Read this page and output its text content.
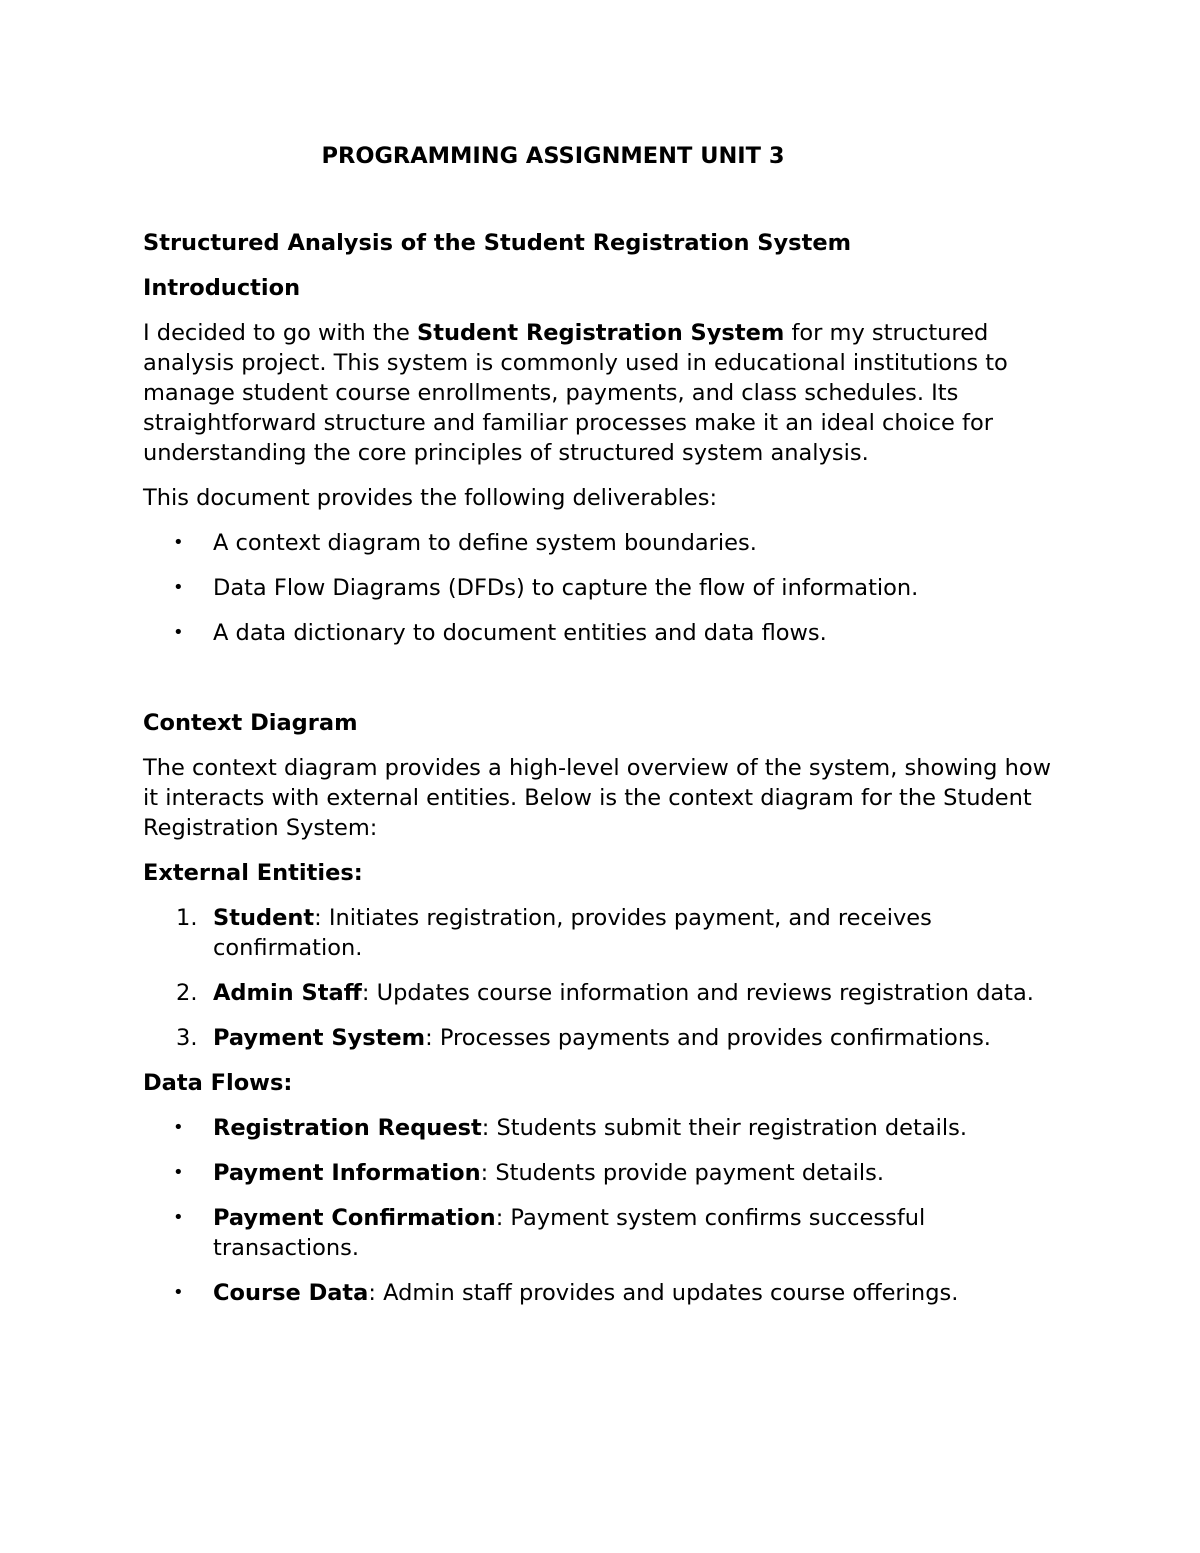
PROGRAMMING ASSIGNMENT UNIT 3
Structured Analysis of the Student Registration System
Introduction

I decided to go with the Student Registration System for my structured analysis project. This system is commonly used in educational institutions to manage student course enrollments, payments, and class schedules. Its straightforward structure and familiar processes make it an ideal choice for understanding the core principles of structured system analysis.

This document provides the following deliverables:

• A context diagram to define system boundaries.
• Data Flow Diagrams (DFDs) to capture the flow of information.
• A data dictionary to document entities and data flows.
Context Diagram

The context diagram provides a high-level overview of the system, showing how it interacts with external entities. Below is the context diagram for the Student Registration System:

External Entities:
1. Student: Initiates registration, provides payment, and receives confirmation.
2. Admin Staff: Updates course information and reviews registration data.
3. Payment System: Processes payments and provides confirmations.
Data Flows:
• Registration Request: Students submit their registration details.
• Payment Information: Students provide payment details.
• Payment Confirmation: Payment system confirms successful transactions.
• Course Data: Admin staff provides and updates course offerings.
